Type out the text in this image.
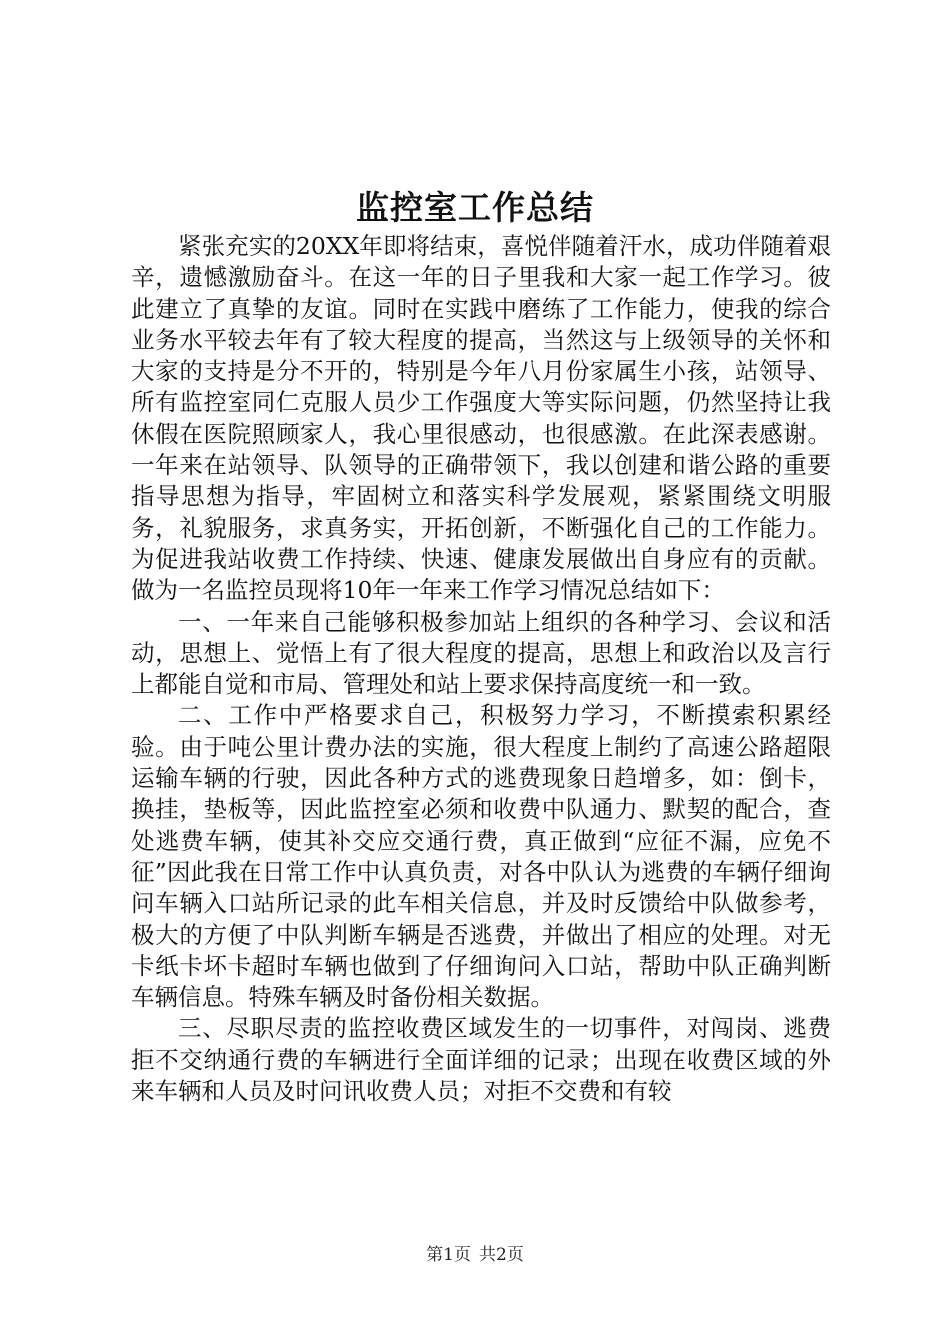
监控室工作总结

紧张充实的20XX年即将结束，喜悦伴随着汗水，成功伴随着艰辛，遗憾激励奋斗。在这一年的日子里我和大家一起工作学习。彼此建立了真挚的友谊。同时在实践中磨练了工作能力，使我的综合业务水平较去年有了较大程度的提高，当然这与上级领导的关怀和大家的支持是分不开的，特别是今年八月份家属生小孩，站领导、所有监控室同仁克服人员少工作强度大等实际问题，仍然坚持让我休假在医院照顾家人，我心里很感动，也很感激。在此深表感谢。一年来在站领导、队领导的正确带领下，我以创建和谐公路的重要指导思想为指导，牢固树立和落实科学发展观，紧紧围绕文明服务，礼貌服务，求真务实，开拓创新，不断强化自己的工作能力。为促进我站收费工作持续、快速、健康发展做出自身应有的贡献。做为一名监控员现将10年一年来工作学习情况总结如下：

一、一年来自己能够积极参加站上组织的各种学习、会议和活动，思想上、觉悟上有了很大程度的提高，思想上和政治以及言行上都能自觉和市局、管理处和站上要求保持高度统一和一致。

二、工作中严格要求自己，积极努力学习，不断摸索积累经验。由于吨公里计费办法的实施，很大程度上制约了高速公路超限运输车辆的行驶，因此各种方式的逃费现象日趋增多，如：倒卡，换挂，垫板等，因此监控室必须和收费中队通力、默契的配合，查处逃费车辆，使其补交应交通行费，真正做到“应征不漏，应免不征”因此我在日常工作中认真负责，对各中队认为逃费的车辆仔细询问车辆入口站所记录的此车相关信息，并及时反馈给中队做参考，极大的方便了中队判断车辆是否逃费，并做出了相应的处理。对无卡纸卡坏卡超时车辆也做到了仔细询问入口站，帮助中队正确判断车辆信息。特殊车辆及时备份相关数据。

三、尽职尽责的监控收费区域发生的一切事件，对闯岗、逃费拒不交纳通行费的车辆进行全面详细的记录；出现在收费区域的外来车辆和人员及时问讯收费人员；对拒不交费和有较

第1页 共2页
